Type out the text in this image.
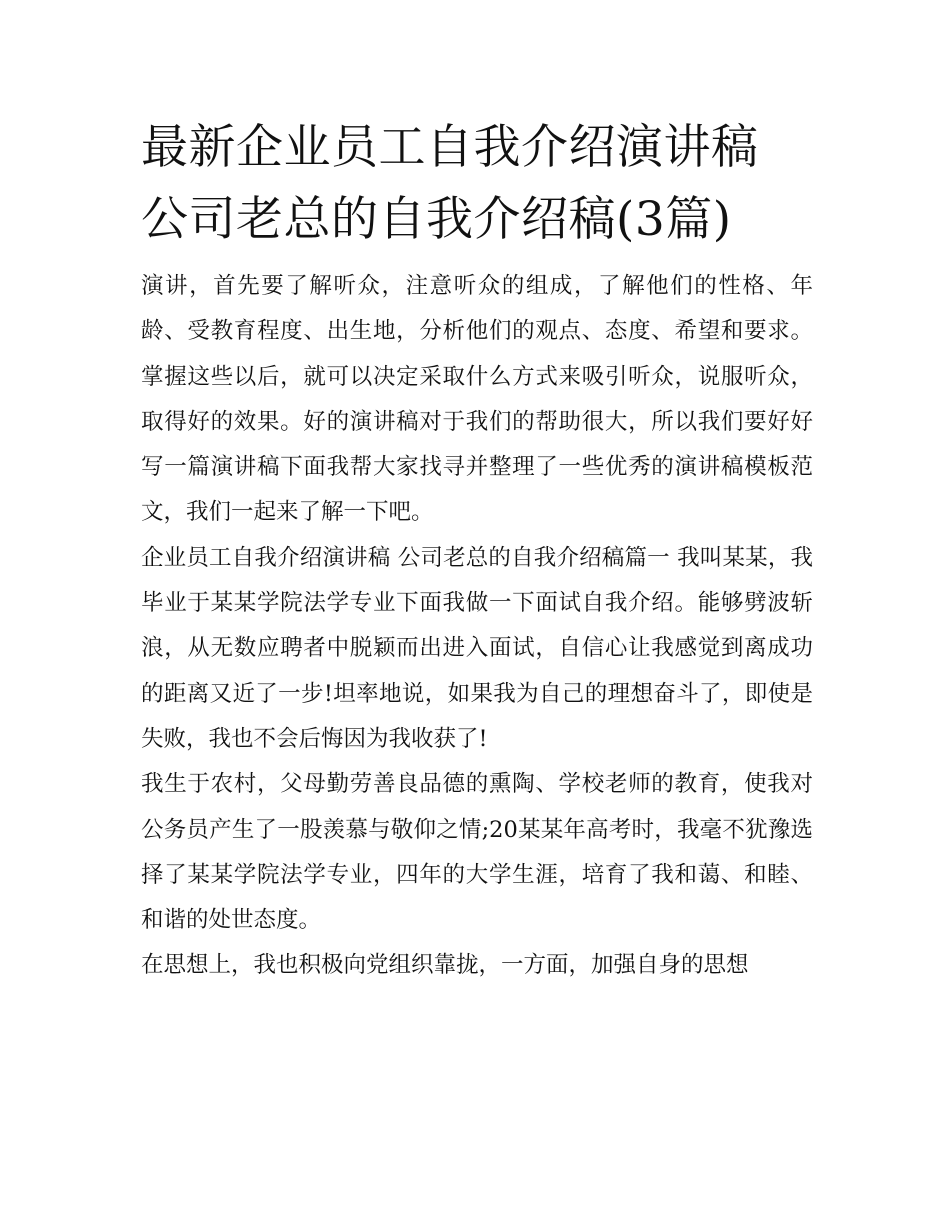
最新企业员工自我介绍演讲稿
公司老总的自我介绍稿(3篇)

演讲，首先要了解听众，注意听众的组成，了解他们的性格、年龄、受教育程度、出生地，分析他们的观点、态度、希望和要求。掌握这些以后，就可以决定采取什么方式来吸引听众，说服听众，取得好的效果。好的演讲稿对于我们的帮助很大，所以我们要好好写一篇演讲稿下面我帮大家找寻并整理了一些优秀的演讲稿模板范文，我们一起来了解一下吧。

企业员工自我介绍演讲稿 公司老总的自我介绍稿篇一 我叫某某，我毕业于某某学院法学专业下面我做一下面试自我介绍。能够劈波斩浪，从无数应聘者中脱颖而出进入面试，自信心让我感觉到离成功的距离又近了一步!坦率地说，如果我为自己的理想奋斗了，即使是失败，我也不会后悔因为我收获了!

我生于农村，父母勤劳善良品德的熏陶、学校老师的教育，使我对公务员产生了一股羡慕与敬仰之情;20某某年高考时，我毫不犹豫选择了某某学院法学专业，四年的大学生涯，培育了我和蔼、和睦、和谐的处世态度。

在思想上，我也积极向党组织靠拢，一方面，加强自身的思想
